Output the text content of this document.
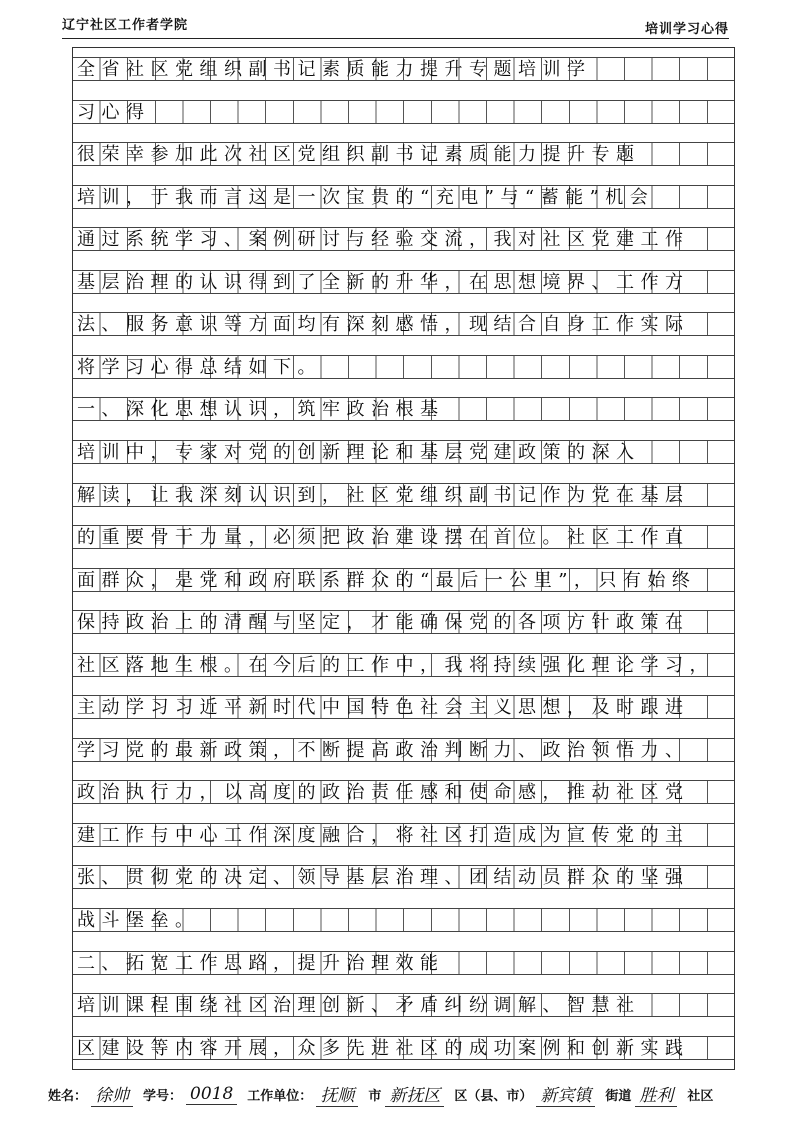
辽宁社区工作者学院	培训学习心得
全省社区党组织副书记素质能力提升专题培训学
习心得
很荣幸参加此次社区党组织副书记素质能力提升专题
培训，于我而言这是一次宝贵的“充电”与“蓄能”机会
通过系统学习、案例研讨与经验交流，我对社区党建工作
基层治理的认识得到了全新的升华，在思想境界、工作方
法、服务意识等方面均有深刻感悟，现结合自身工作实际
将学习心得总结如下。
一、深化思想认识，筑牢政治根基
培训中，专家对党的创新理论和基层党建政策的深入
解读，让我深刻认识到，社区党组织副书记作为党在基层
的重要骨干力量，必须把政治建设摆在首位。社区工作直
面群众，是党和政府联系群众的“最后一公里”，只有始终
保持政治上的清醒与坚定，才能确保党的各项方针政策在
社区落地生根。在今后的工作中，我将持续强化理论学习，
主动学习习近平新时代中国特色社会主义思想，及时跟进
学习党的最新政策，不断提高政治判断力、政治领悟力、
政治执行力，以高度的政治责任感和使命感，推动社区党
建工作与中心工作深度融合，将社区打造成为宣传党的主
张、贯彻党的决定、领导基层治理、团结动员群众的坚强
战斗堡垒。
二、拓宽工作思路，提升治理效能
培训课程围绕社区治理创新、矛盾纠纷调解、智慧社
区建设等内容开展，众多先进社区的成功案例和创新实践
姓名： 徐帅	学号： 0018	工作单位： 抚顺	市 新抚区	区（县、市） 新宾镇	街道 胜利	社区
